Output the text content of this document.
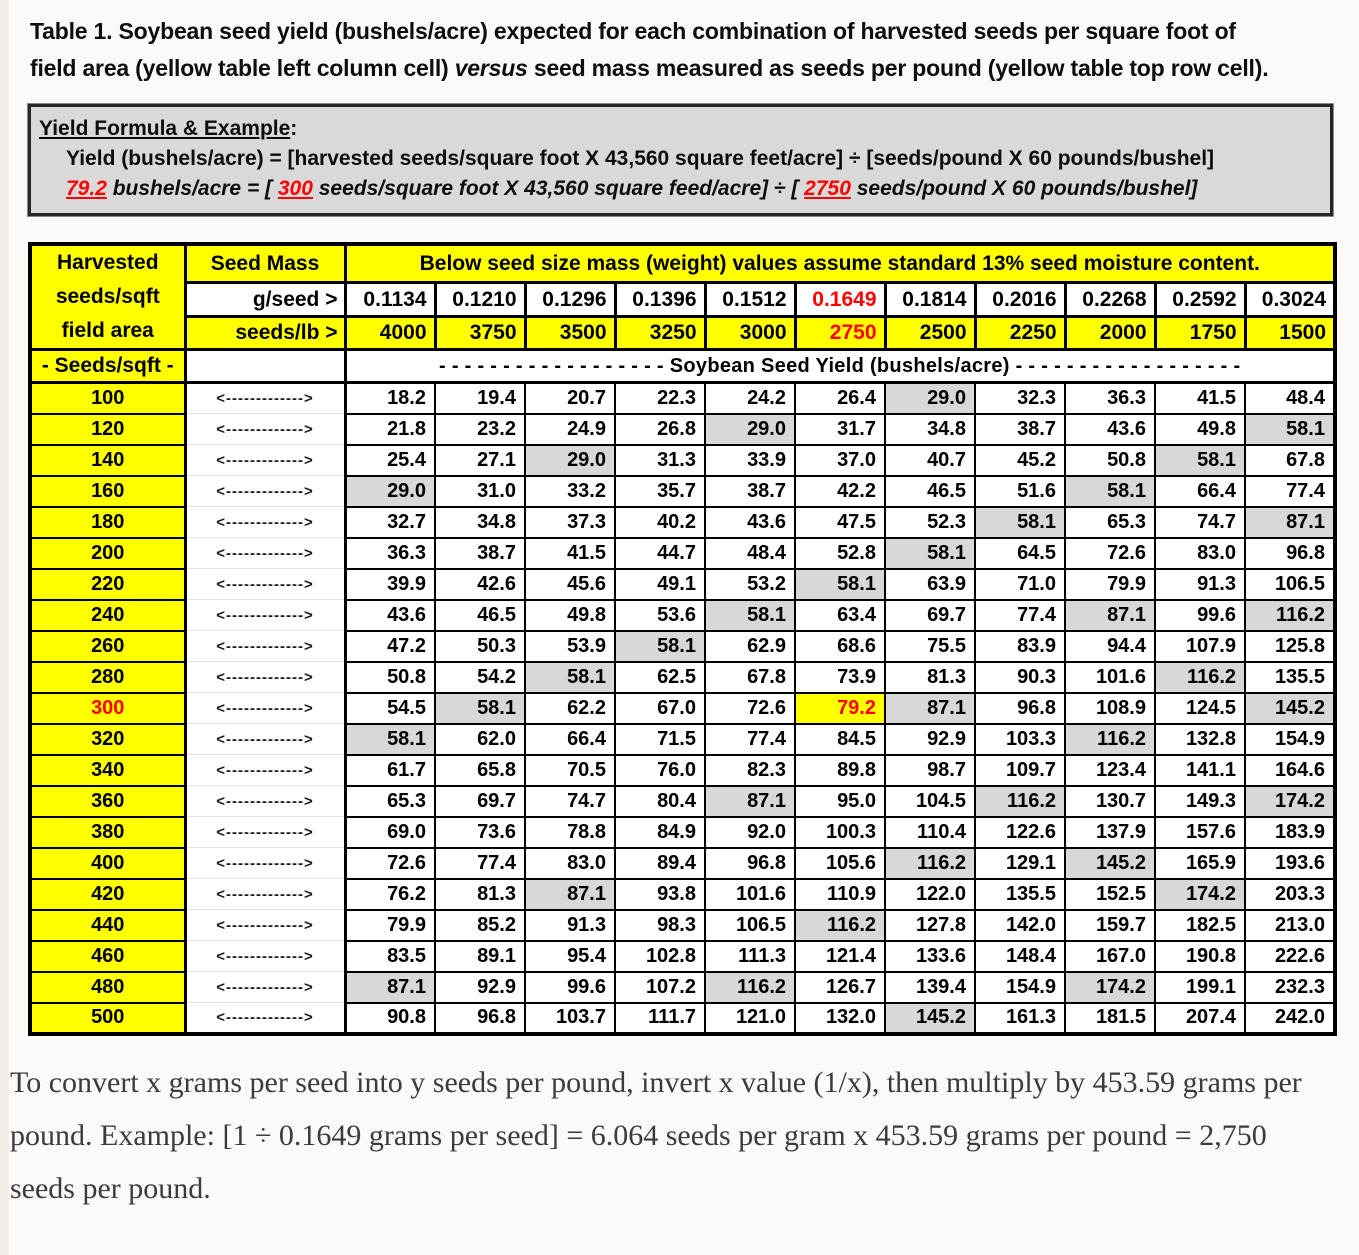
Table 1. Soybean seed yield (bushels/acre) expected for each combination of harvested seeds per square foot of
field area (yellow table left column cell) versus seed mass measured as seeds per pound (yellow table top row cell).
Yield Formula & Example:
Yield (bushels/acre) = [harvested seeds/square foot X 43,560 square feet/acre] ÷ [seeds/pound X 60 pounds/bushel]
79.2 bushels/acre = [ 300 seeds/square foot X 43,560 square feed/acre] ÷ [ 2750 seeds/pound X 60 pounds/bushel]
Harvested
seeds/sqft
field area	Seed Mass	Below seed size mass (weight) values assume standard 13% seed moisture content.										
	g/seed >	0.1134	0.1210	0.1296	0.1396	0.1512	0.1649	0.1814	0.2016	0.2268	0.2592	0.3024
	seeds/lb >	4000	3750	3500	3250	3000	2750	2500	2250	2000	1750	1500
- Seeds/sqft -		- - - - - - - - - - - - - - - - - - Soybean Seed Yield (bushels/acre) - - - - - - - - - - - - - - - - - -										
100	<------------->	18.2	19.4	20.7	22.3	24.2	26.4	29.0	32.3	36.3	41.5	48.4
120	<------------->	21.8	23.2	24.9	26.8	29.0	31.7	34.8	38.7	43.6	49.8	58.1
140	<------------->	25.4	27.1	29.0	31.3	33.9	37.0	40.7	45.2	50.8	58.1	67.8
160	<------------->	29.0	31.0	33.2	35.7	38.7	42.2	46.5	51.6	58.1	66.4	77.4
180	<------------->	32.7	34.8	37.3	40.2	43.6	47.5	52.3	58.1	65.3	74.7	87.1
200	<------------->	36.3	38.7	41.5	44.7	48.4	52.8	58.1	64.5	72.6	83.0	96.8
220	<------------->	39.9	42.6	45.6	49.1	53.2	58.1	63.9	71.0	79.9	91.3	106.5
240	<------------->	43.6	46.5	49.8	53.6	58.1	63.4	69.7	77.4	87.1	99.6	116.2
260	<------------->	47.2	50.3	53.9	58.1	62.9	68.6	75.5	83.9	94.4	107.9	125.8
280	<------------->	50.8	54.2	58.1	62.5	67.8	73.9	81.3	90.3	101.6	116.2	135.5
300	<------------->	54.5	58.1	62.2	67.0	72.6	79.2	87.1	96.8	108.9	124.5	145.2
320	<------------->	58.1	62.0	66.4	71.5	77.4	84.5	92.9	103.3	116.2	132.8	154.9
340	<------------->	61.7	65.8	70.5	76.0	82.3	89.8	98.7	109.7	123.4	141.1	164.6
360	<------------->	65.3	69.7	74.7	80.4	87.1	95.0	104.5	116.2	130.7	149.3	174.2
380	<------------->	69.0	73.6	78.8	84.9	92.0	100.3	110.4	122.6	137.9	157.6	183.9
400	<------------->	72.6	77.4	83.0	89.4	96.8	105.6	116.2	129.1	145.2	165.9	193.6
420	<------------->	76.2	81.3	87.1	93.8	101.6	110.9	122.0	135.5	152.5	174.2	203.3
440	<------------->	79.9	85.2	91.3	98.3	106.5	116.2	127.8	142.0	159.7	182.5	213.0
460	<------------->	83.5	89.1	95.4	102.8	111.3	121.4	133.6	148.4	167.0	190.8	222.6
480	<------------->	87.1	92.9	99.6	107.2	116.2	126.7	139.4	154.9	174.2	199.1	232.3
500	<------------->	90.8	96.8	103.7	111.7	121.0	132.0	145.2	161.3	181.5	207.4	242.0

To convert x grams per seed into y seeds per pound, invert x value (1/x), then multiply by 453.59 grams per pound. Example: [1 ÷ 0.1649 grams per seed] = 6.064 seeds per gram x 453.59 grams per pound = 2,750 seeds per pound.
